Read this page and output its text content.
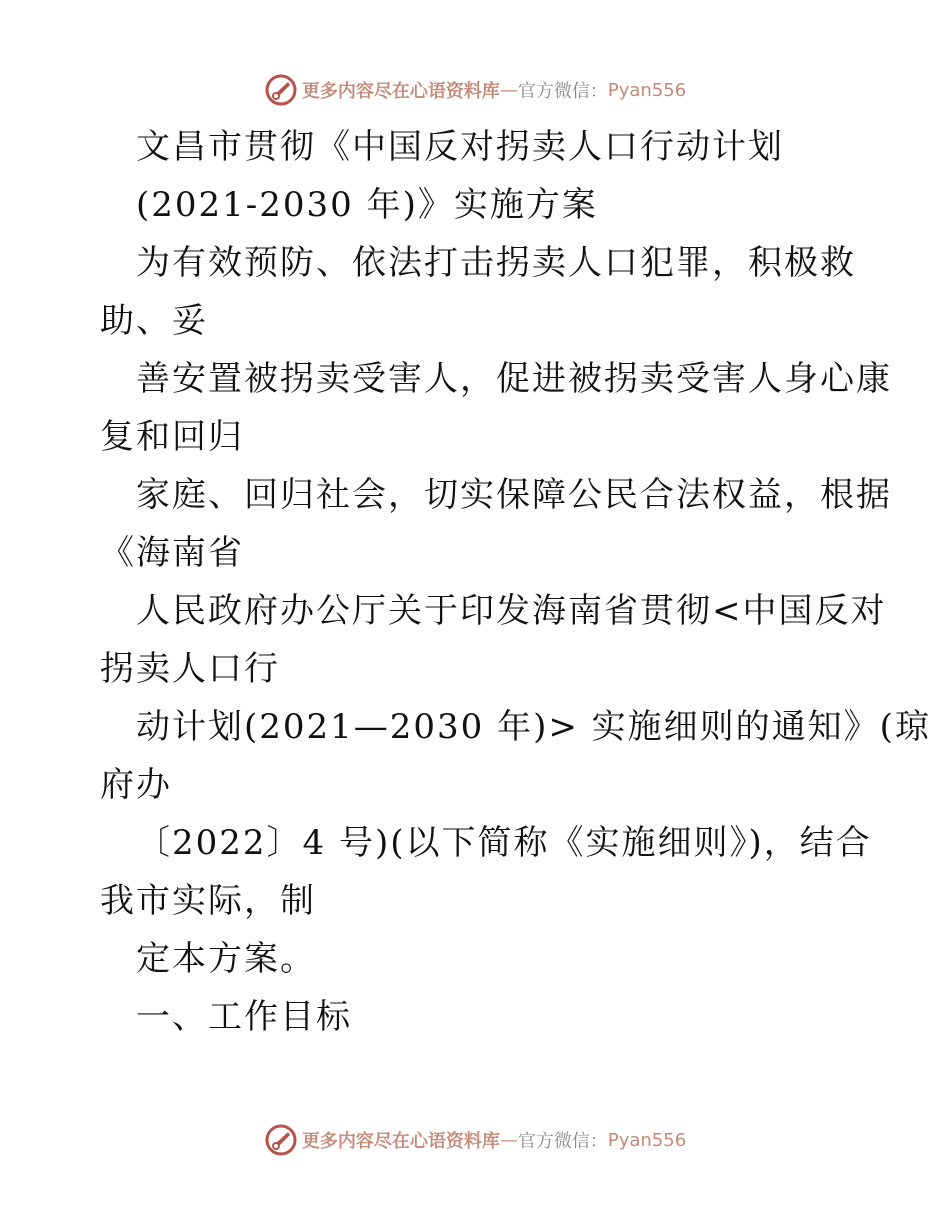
更多内容尽在心语资料库 — 官方微信： Pyan556
文昌市贯彻《中国反对拐卖人口行动计划
(2021-2030 年)》实施方案
为有效预防、依法打击拐卖人口犯罪，积极救
助、妥
善安置被拐卖受害人，促进被拐卖受害人身心康
复和回归
家庭、回归社会，切实保障公民合法权益，根据
《海南省
人民政府办公厅关于印发海南省贯彻<中国反对
拐卖人口行
动计划(2021—2030 年)> 实施细则的通知》(琼
府办
〔2022〕4 号)(以下简称《实施细则》)，结合
我市实际，制
定本方案。
一、工作目标
更多内容尽在心语资料库 — 官方微信： Pyan556
